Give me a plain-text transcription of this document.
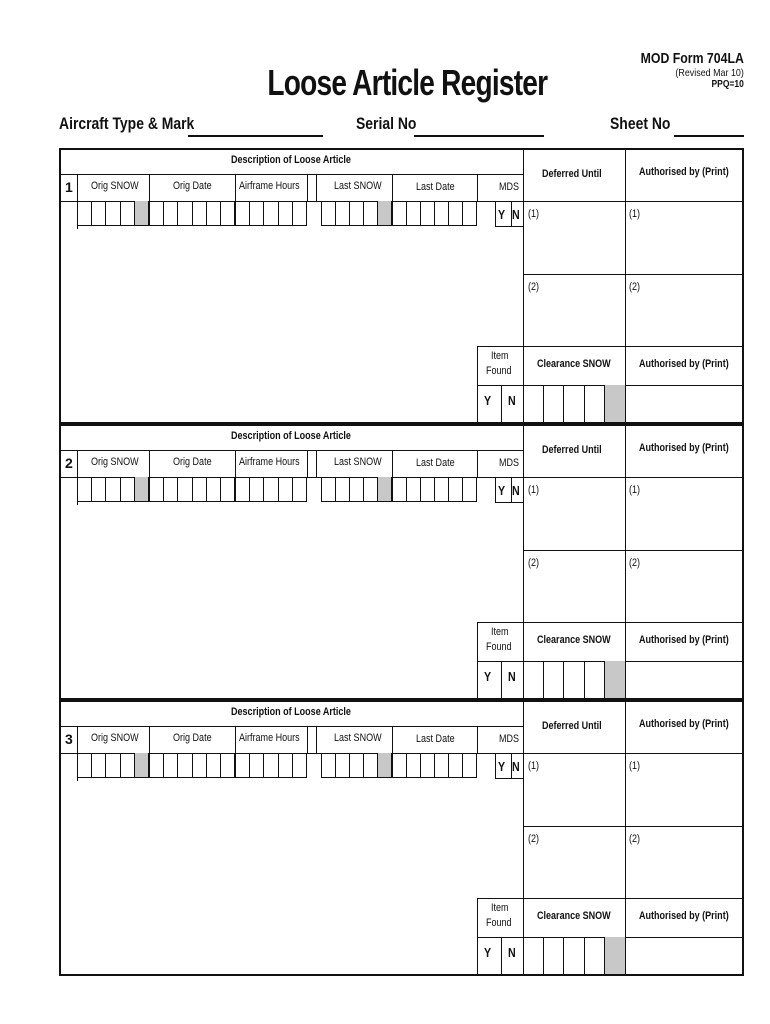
Loose Article Register
MOD Form 704LA
(Revised Mar 10)
PPQ=10
Aircraft Type & Mark	Serial No	Sheet No
1
Description of Loose Article
Orig SNOW	Orig Date	Airframe Hours	Last SNOW	Last Date	MDS
Y N
Deferred Until	Authorised by (Print)
(1)	(1)
(2)	(2)
Item
Found
Y N
Clearance SNOW	Authorised by (Print)
2
Description of Loose Article
Orig SNOW	Orig Date	Airframe Hours	Last SNOW	Last Date	MDS
Y N
Deferred Until	Authorised by (Print)
(1)	(1)
(2)	(2)
Item
Found
Y N
Clearance SNOW	Authorised by (Print)
3
Description of Loose Article
Orig SNOW	Orig Date	Airframe Hours	Last SNOW	Last Date	MDS
Y N
Deferred Until	Authorised by (Print)
(1)	(1)
(2)	(2)
Item
Found
Y N
Clearance SNOW	Authorised by (Print)
